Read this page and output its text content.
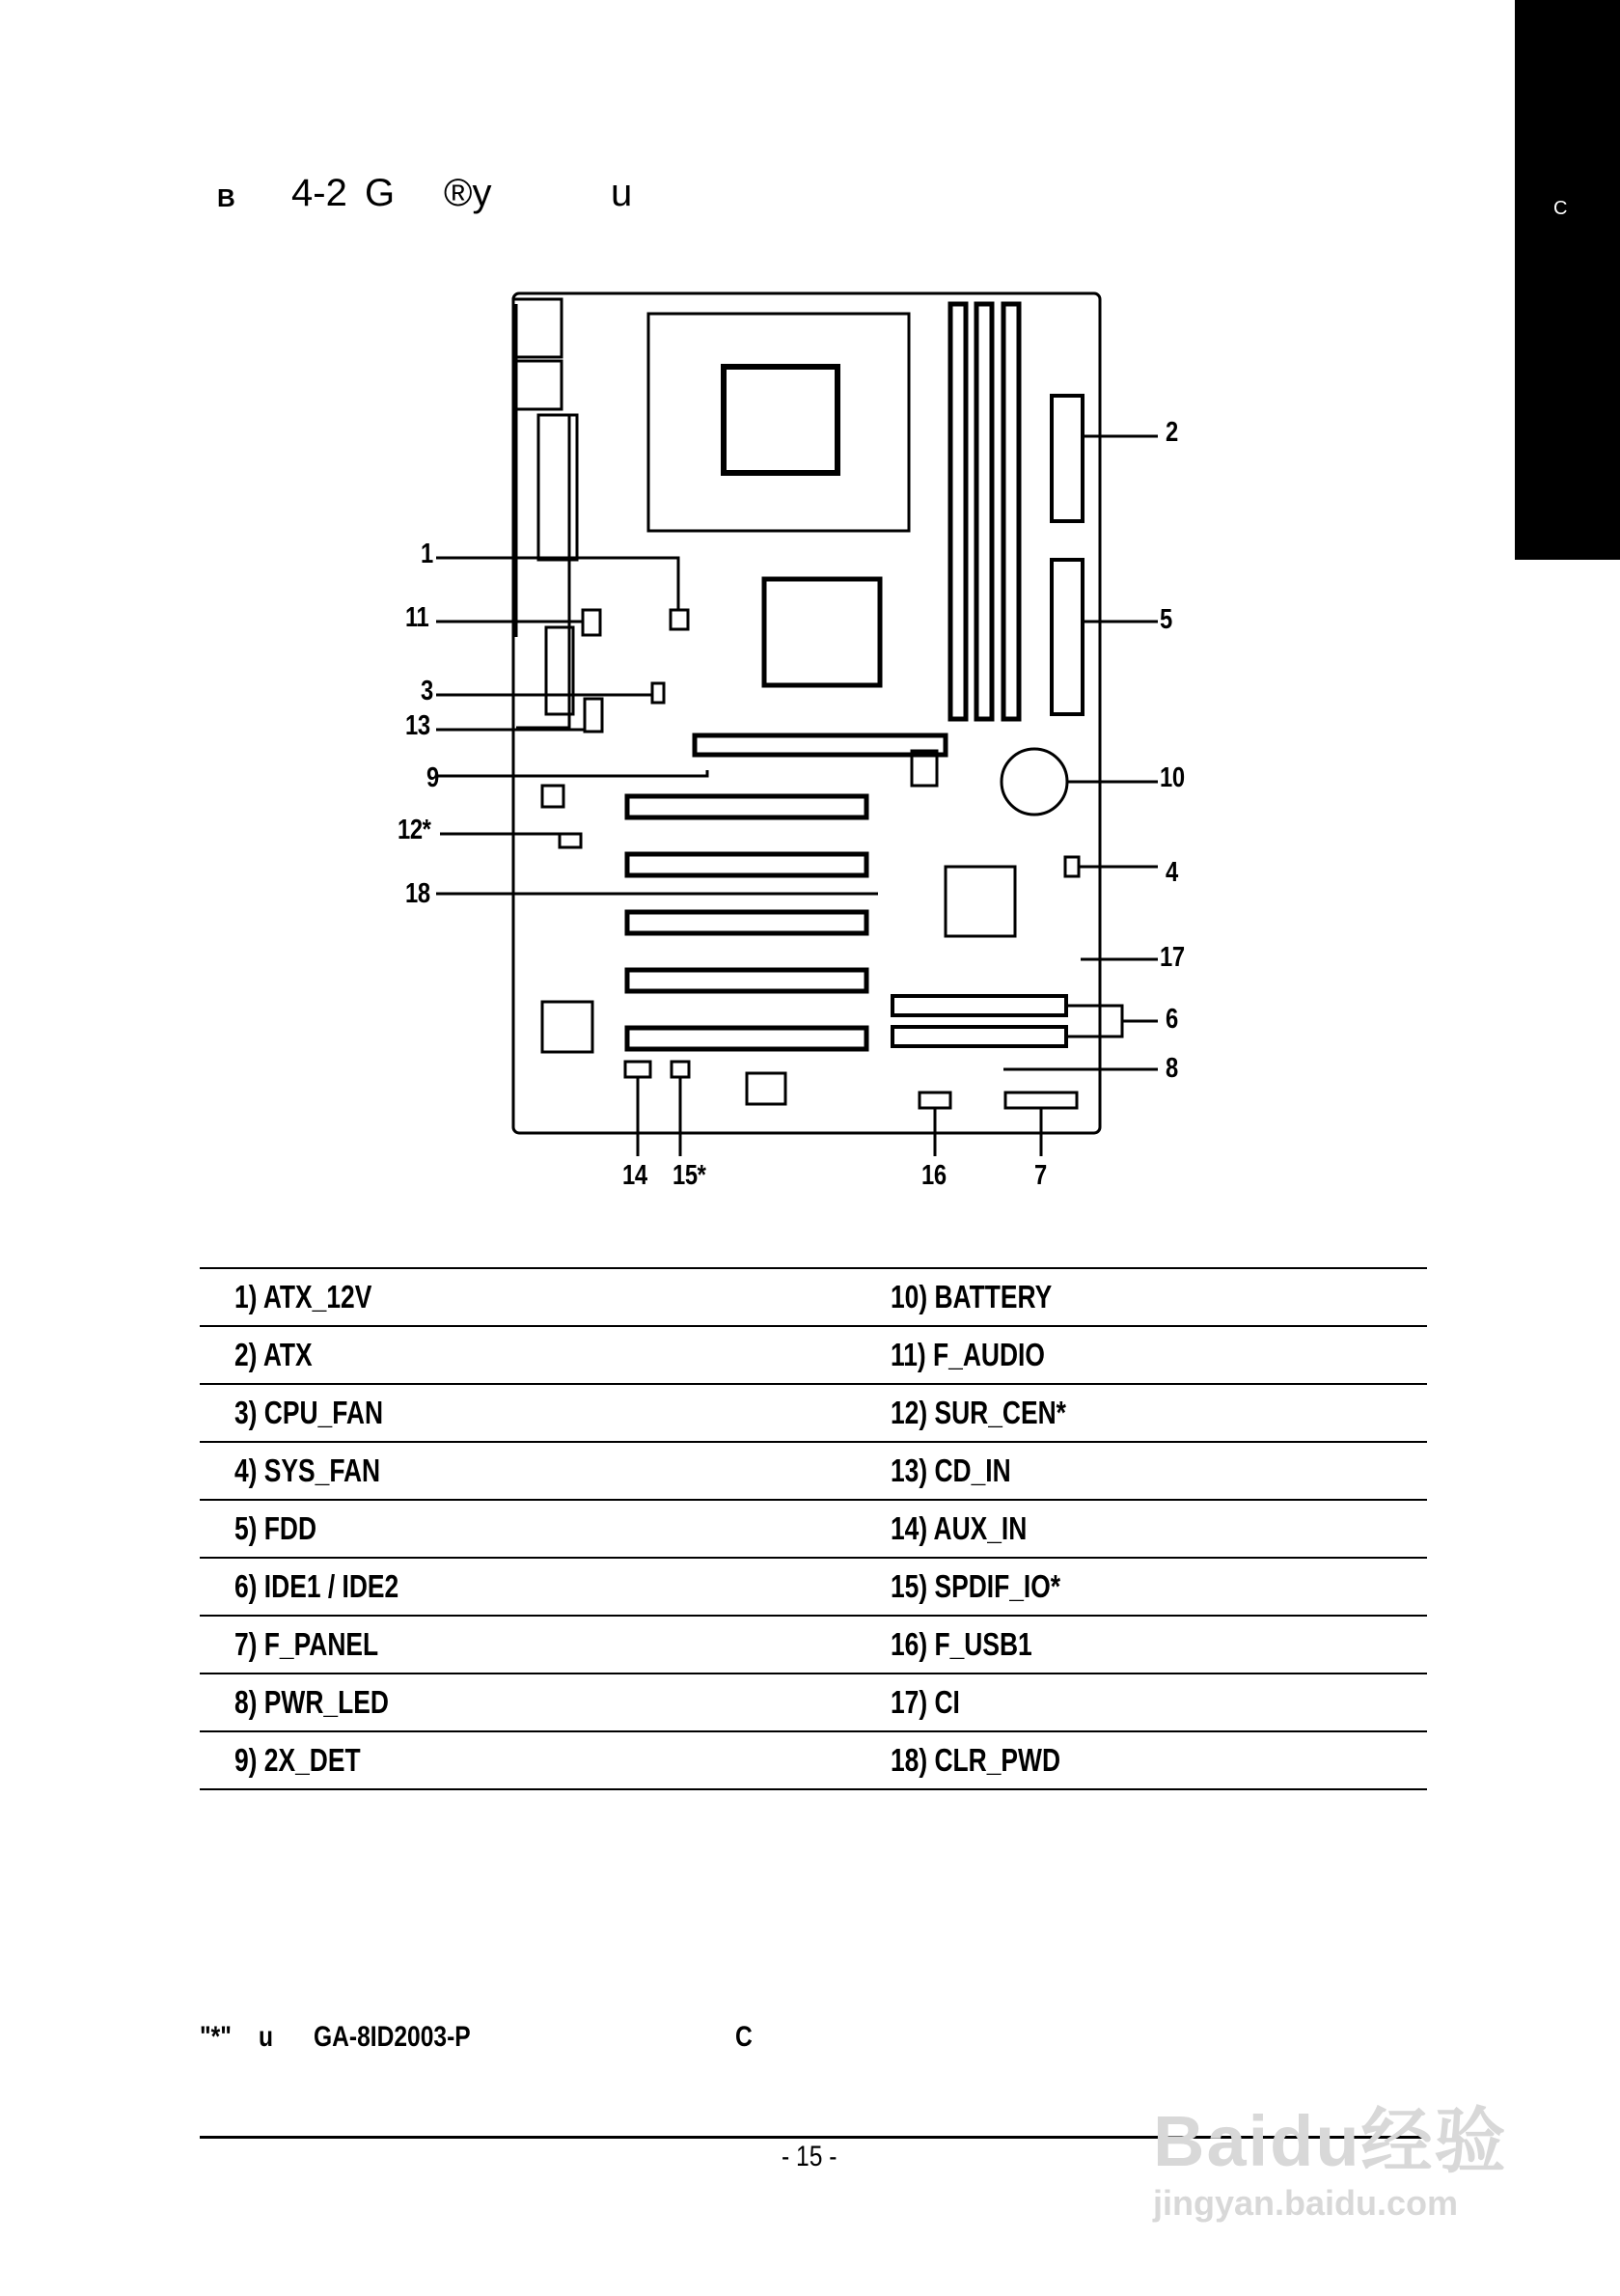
C
B 4-2 G ®y	u
1
2
3
4
5
6
7
8
9	10
11
12*
13
14 15*	16
17
18
1) ATX_12V	10) BATTERY
2) ATX	11) F_AUDIO
3) CPU_FAN	12) SUR_CEN*
4) SYS_FAN	13) CD_IN
5) FDD	14) AUX_IN
6) IDE1 / IDE2	15) SPDIF_IO*
7) F_PANEL	16) F_USB1
8) PWR_LED	17) CI
9) 2X_DET	18) CLR_PWD
"*" u GA-8ID2003-P	C
- 15 -	Baidu经验
jingyan.baidu.com
